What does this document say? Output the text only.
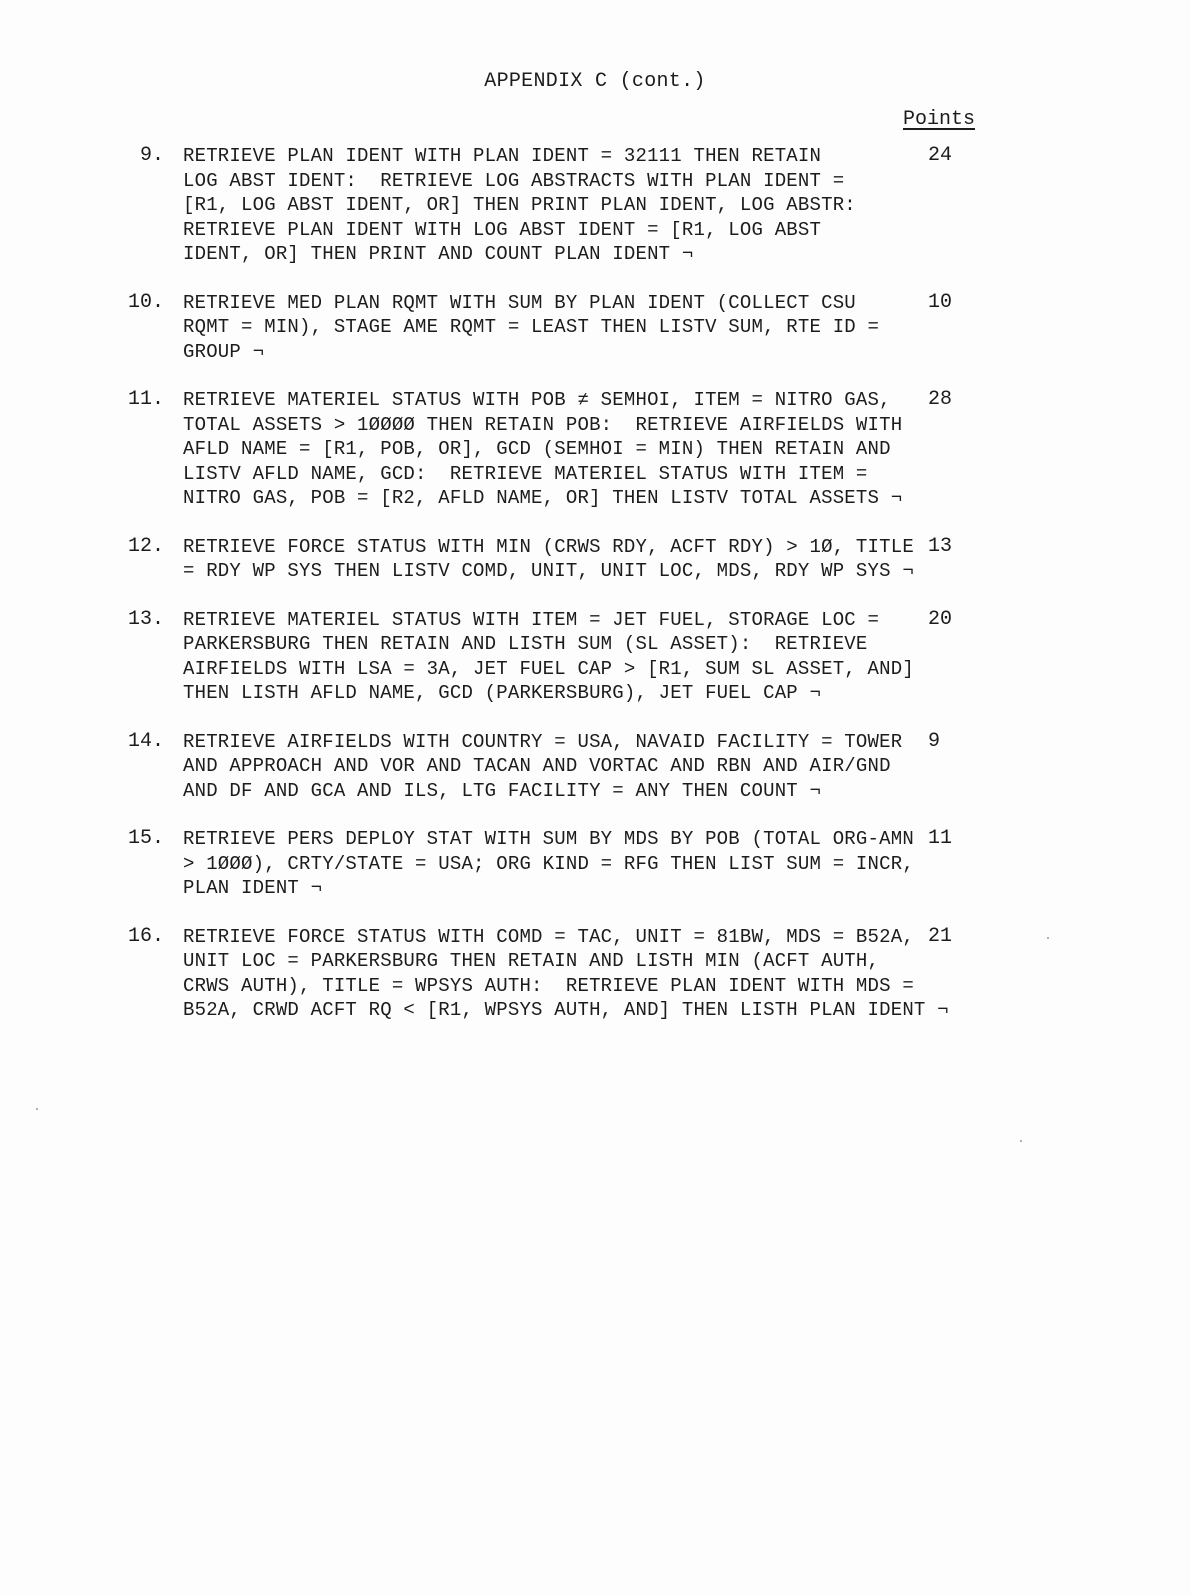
APPENDIX C (cont.)
Points
9. RETRIEVE PLAN IDENT WITH PLAN IDENT = 32111 THEN RETAIN
LOG ABST IDENT:  RETRIEVE LOG ABSTRACTS WITH PLAN IDENT =
[R1, LOG ABST IDENT, OR] THEN PRINT PLAN IDENT, LOG ABSTR:
RETRIEVE PLAN IDENT WITH LOG ABST IDENT = [R1, LOG ABST
IDENT, OR] THEN PRINT AND COUNT PLAN IDENT ¬
24
10. RETRIEVE MED PLAN RQMT WITH SUM BY PLAN IDENT (COLLECT CSU
RQMT = MIN), STAGE AME RQMT = LEAST THEN LISTV SUM, RTE ID =
GROUP ¬
10
11. RETRIEVE MATERIEL STATUS WITH POB ≠ SEMHOI, ITEM = NITRO GAS,
TOTAL ASSETS > 1ØØØØ THEN RETAIN POB:  RETRIEVE AIRFIELDS WITH
AFLD NAME = [R1, POB, OR], GCD (SEMHOI = MIN) THEN RETAIN AND
LISTV AFLD NAME, GCD:  RETRIEVE MATERIEL STATUS WITH ITEM =
NITRO GAS, POB = [R2, AFLD NAME, OR] THEN LISTV TOTAL ASSETS ¬
28
12. RETRIEVE FORCE STATUS WITH MIN (CRWS RDY, ACFT RDY) > 1Ø, TITLE
= RDY WP SYS THEN LISTV COMD, UNIT, UNIT LOC, MDS, RDY WP SYS ¬
13
13. RETRIEVE MATERIEL STATUS WITH ITEM = JET FUEL, STORAGE LOC =
PARKERSBURG THEN RETAIN AND LISTH SUM (SL ASSET):  RETRIEVE
AIRFIELDS WITH LSA = 3A, JET FUEL CAP > [R1, SUM SL ASSET, AND]
THEN LISTH AFLD NAME, GCD (PARKERSBURG), JET FUEL CAP ¬
20
14. RETRIEVE AIRFIELDS WITH COUNTRY = USA, NAVAID FACILITY = TOWER
AND APPROACH AND VOR AND TACAN AND VORTAC AND RBN AND AIR/GND
AND DF AND GCA AND ILS, LTG FACILITY = ANY THEN COUNT ¬
9
15. RETRIEVE PERS DEPLOY STAT WITH SUM BY MDS BY POB (TOTAL ORG-AMN
> 1ØØØ), CRTY/STATE = USA; ORG KIND = RFG THEN LIST SUM = INCR,
PLAN IDENT ¬
11
16. RETRIEVE FORCE STATUS WITH COMD = TAC, UNIT = 81BW, MDS = B52A,
UNIT LOC = PARKERSBURG THEN RETAIN AND LISTH MIN (ACFT AUTH,
CRWS AUTH), TITLE = WPSYS AUTH:  RETRIEVE PLAN IDENT WITH MDS =
B52A, CRWD ACFT RQ < [R1, WPSYS AUTH, AND] THEN LISTH PLAN IDENT ¬
21
